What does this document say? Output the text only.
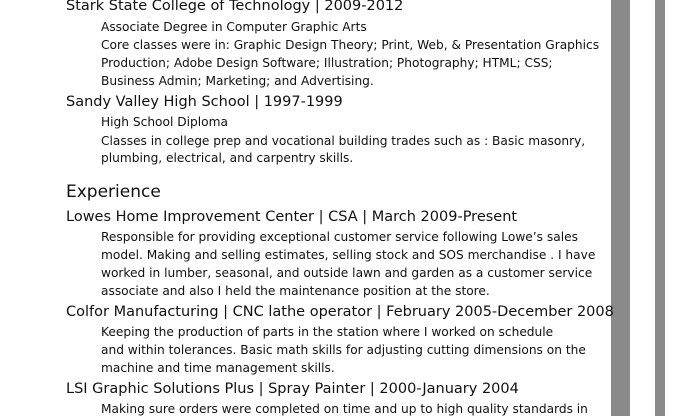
Stark State College of Technology | 2009-2012
Associate Degree in Computer Graphic Arts
Core classes were in: Graphic Design Theory; Print, Web, & Presentation Graphics
Production; Adobe Design Software; Illustration; Photography; HTML; CSS;
Business Admin; Marketing; and Advertising.
Sandy Valley High School | 1997-1999
High School Diploma
Classes in college prep and vocational building trades such as : Basic masonry,
plumbing, electrical, and carpentry skills.
Experience
Lowes Home Improvement Center | CSA | March 2009-Present
Responsible for providing exceptional customer service following Lowe’s sales
model. Making and selling estimates, selling stock and SOS merchandise . I have
worked in lumber, seasonal, and outside lawn and garden as a customer service
associate and also I held the maintenance position at the store.
Colfor Manufacturing | CNC lathe operator | February 2005-December 2008
Keeping the production of parts in the station where I worked on schedule
and within tolerances. Basic math skills for adjusting cutting dimensions on the
machine and time management skills.
LSI Graphic Solutions Plus | Spray Painter | 2000-January 2004
Making sure orders were completed on time and up to high quality standards in
